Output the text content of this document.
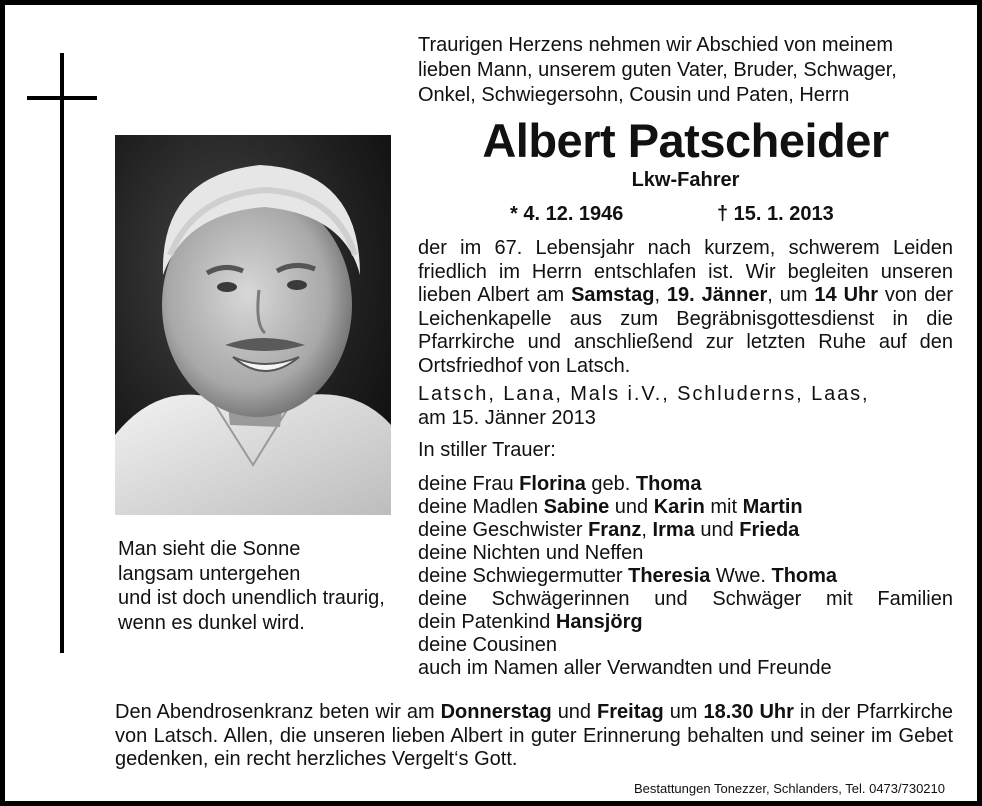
Traurigen Herzens nehmen wir Abschied von meinem
lieben Mann, unserem guten Vater, Bruder, Schwager,
Onkel, Schwiegersohn, Cousin und Paten, Herrn
Albert Patscheider
Lkw-Fahrer
* 4. 12. 1946	† 15. 1. 2013
der im 67. Lebensjahr nach kurzem, schwerem Leiden friedlich im Herrn entschlafen ist. Wir begleiten unseren lieben Albert am Samstag, 19. Jänner, um 14 Uhr von der Leichenkapelle aus zum Begräbnisgottesdienst in die Pfarrkirche und anschließend zur letzten Ruhe auf den Ortsfriedhof von Latsch.
Latsch, Lana, Mals i.V., Schluderns, Laas,
am 15. Jänner 2013
In stiller Trauer:
deine Frau Florina geb. Thoma
deine Madlen Sabine und Karin mit Martin
deine Geschwister Franz, Irma und Frieda
deine Nichten und Neffen
deine Schwiegermutter Theresia Wwe. Thoma
deine Schwägerinnen und Schwäger mit Familien
dein Patenkind Hansjörg
deine Cousinen
auch im Namen aller Verwandten und Freunde
Man sieht die Sonne
langsam untergehen
und ist doch unendlich traurig,
wenn es dunkel wird.
Den Abendrosenkranz beten wir am Donnerstag und Freitag um 18.30 Uhr in der Pfarrkirche von Latsch. Allen, die unseren lieben Albert in guter Erinnerung behalten und seiner im Gebet gedenken, ein recht herzliches Vergelt‘s Gott.
Bestattungen Tonezzer, Schlanders, Tel. 0473/730210
